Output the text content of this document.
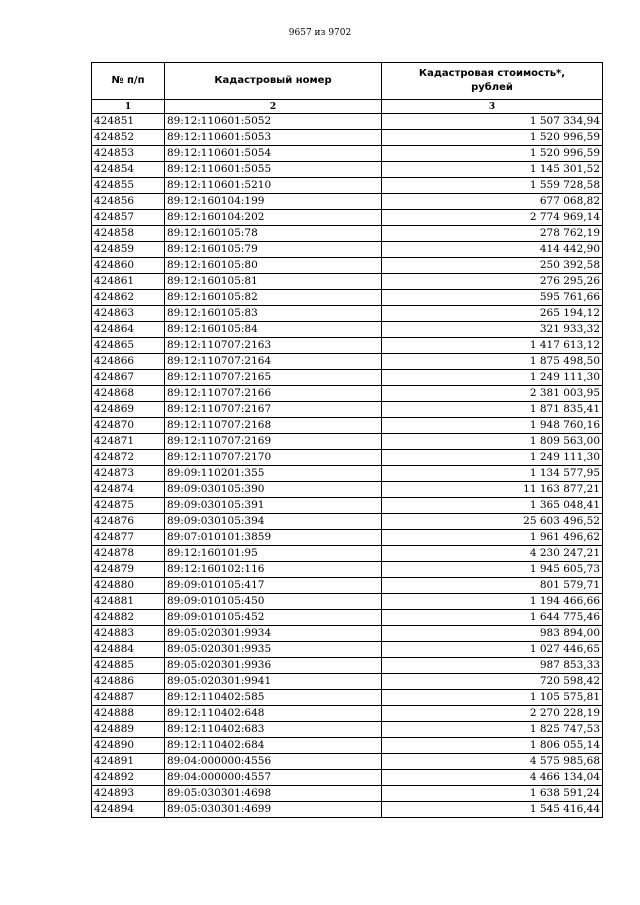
9657 из 9702
№ п/п	Кадастровый номер	Кадастровая стоимость*,
рублей
1	2	3
424851	89:12:110601:5052	1 507 334,94
424852	89:12:110601:5053	1 520 996,59
424853	89:12:110601:5054	1 520 996,59
424854	89:12:110601:5055	1 145 301,52
424855	89:12:110601:5210	1 559 728,58
424856	89:12:160104:199	677 068,82
424857	89:12:160104:202	2 774 969,14
424858	89:12:160105:78	278 762,19
424859	89:12:160105:79	414 442,90
424860	89:12:160105:80	250 392,58
424861	89:12:160105:81	276 295,26
424862	89:12:160105:82	595 761,66
424863	89:12:160105:83	265 194,12
424864	89:12:160105:84	321 933,32
424865	89:12:110707:2163	1 417 613,12
424866	89:12:110707:2164	1 875 498,50
424867	89:12:110707:2165	1 249 111,30
424868	89:12:110707:2166	2 381 003,95
424869	89:12:110707:2167	1 871 835,41
424870	89:12:110707:2168	1 948 760,16
424871	89:12:110707:2169	1 809 563,00
424872	89:12:110707:2170	1 249 111,30
424873	89:09:110201:355	1 134 577,95
424874	89:09:030105:390	11 163 877,21
424875	89:09:030105:391	1 365 048,41
424876	89:09:030105:394	25 603 496,52
424877	89:07:010101:3859	1 961 496,62
424878	89:12:160101:95	4 230 247,21
424879	89:12:160102:116	1 945 605,73
424880	89:09:010105:417	801 579,71
424881	89:09:010105:450	1 194 466,66
424882	89:09:010105:452	1 644 775,46
424883	89:05:020301:9934	983 894,00
424884	89:05:020301:9935	1 027 446,65
424885	89:05:020301:9936	987 853,33
424886	89:05:020301:9941	720 598,42
424887	89:12:110402:585	1 105 575,81
424888	89:12:110402:648	2 270 228,19
424889	89:12:110402:683	1 825 747,53
424890	89:12:110402:684	1 806 055,14
424891	89:04:000000:4556	4 575 985,68
424892	89:04:000000:4557	4 466 134,04
424893	89:05:030301:4698	1 638 591,24
424894	89:05:030301:4699	1 545 416,44
